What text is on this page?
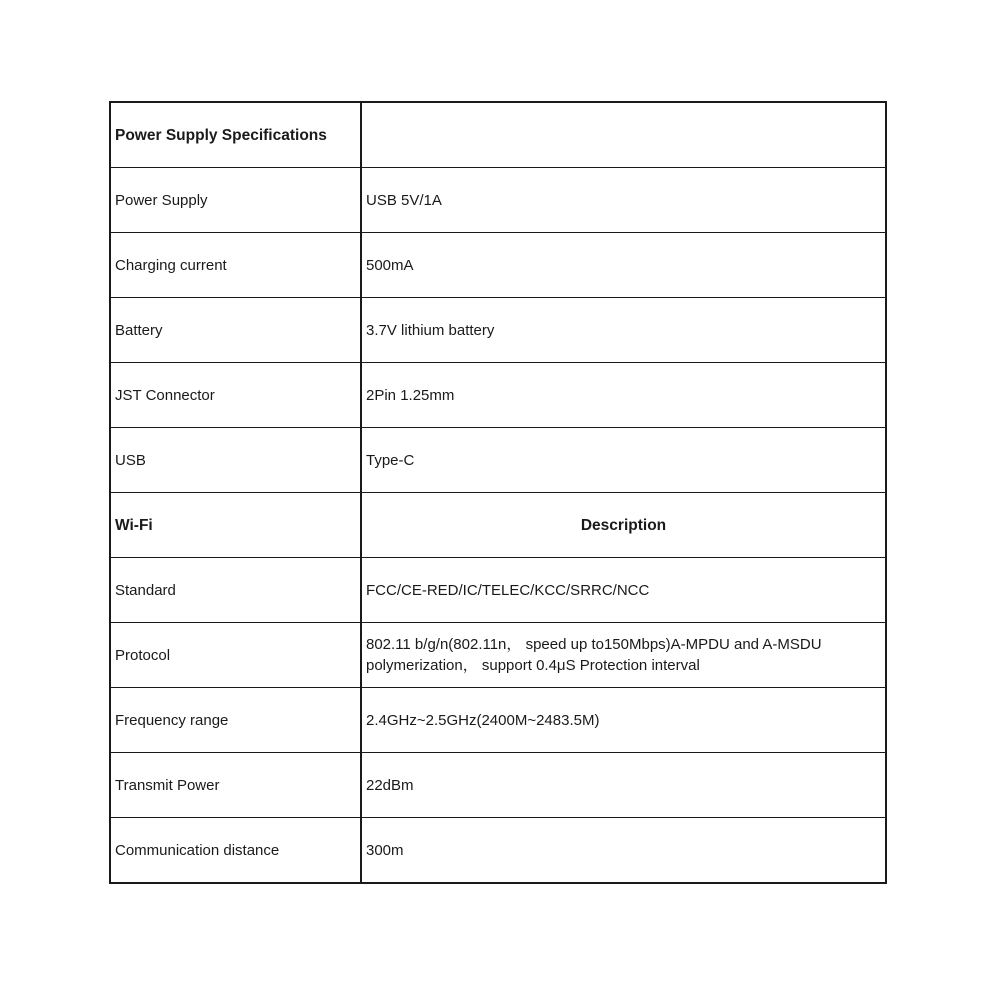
Power Supply Specifications	
Power Supply	USB 5V/1A
Charging current	500mA
Battery	3.7V lithium battery
JST Connector	2Pin 1.25mm
USB	Type-C
Wi-Fi	Description
Standard	FCC/CE-RED/IC/TELEC/KCC/SRRC/NCC
Protocol	802.11 b/g/n(802.11n， speed up to150Mbps)A-MPDU and A-MSDU polymerization， support 0.4μS Protection interval
Frequency range	2.4GHz~2.5GHz(2400M~2483.5M)
Transmit Power	22dBm
Communication distance	300m
